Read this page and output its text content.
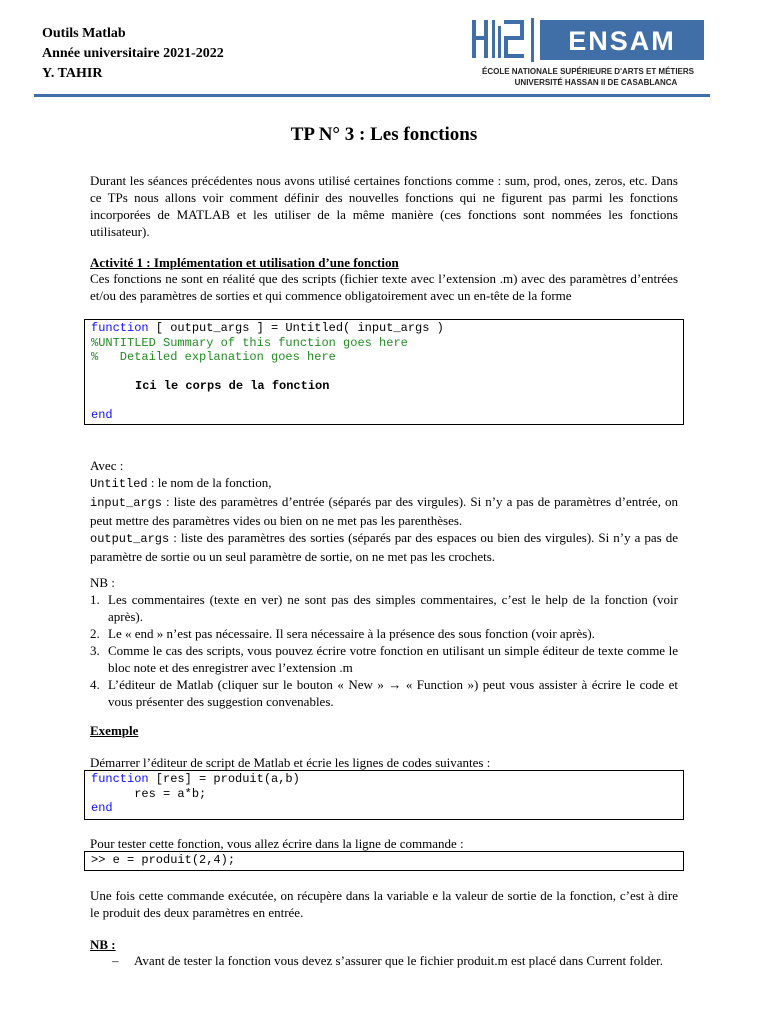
Outils Matlab
Année universitaire 2021-2022
Y. TAHIR
ENSAM
ÉCOLE NATIONALE SUPÉRIEURE D'ARTS ET MÉTIERS
UNIVERSITÉ HASSAN II DE CASABLANCA
TP N° 3 : Les fonctions
Durant les séances précédentes nous avons utilisé certaines fonctions comme : sum, prod, ones, zeros, etc. Dans ce TPs nous allons voir comment définir des nouvelles fonctions qui ne figurent pas parmi les fonctions incorporées de MATLAB et les utiliser de la même manière (ces fonctions sont nommées les fonctions utilisateur).
Activité 1 : Implémentation et utilisation d’une fonction
Ces fonctions ne sont en réalité que des scripts (fichier texte avec l’extension .m) avec des paramètres d’entrées et/ou des paramètres de sorties et qui commence obligatoirement avec un en-tête de la forme
function [ output_args ] = Untitled( input_args )
%UNTITLED Summary of this function goes here
%   Detailed explanation goes here

Ici le corps de la fonction

end
Avec :
Untitled : le nom de la fonction,
input_args : liste des paramètres d’entrée (séparés par des virgules). Si n’y a pas de paramètres d’entrée, on peut mettre des paramètres vides ou bien on ne met pas les parenthèses.
output_args : liste des paramètres des sorties (séparés par des espaces ou bien des virgules). Si n’y a pas de paramètre de sortie ou un seul paramètre de sortie, on ne met pas les crochets.
NB :
1. Les commentaires (texte en ver) ne sont pas des simples commentaires, c’est le help de la fonction (voir après).
2. Le « end » n’est pas nécessaire. Il sera nécessaire à la présence des sous fonction (voir après).
3. Comme le cas des scripts, vous pouvez écrire votre fonction en utilisant un simple éditeur de texte comme le bloc note et des enregistrer avec l’extension .m
4. L’éditeur de Matlab (cliquer sur le bouton « New » → « Function ») peut vous assister à écrire le code et vous présenter des suggestion convenables.
Exemple
Démarrer l’éditeur de script de Matlab et écrie les lignes de codes suivantes :
function [res] = produit(a,b)
res = a*b;
end
Pour tester cette fonction, vous allez écrire dans la ligne de commande :
>> e = produit(2,4);
Une fois cette commande exécutée, on récupère dans la variable e la valeur de sortie de la fonction, c’est à dire le produit des deux paramètres en entrée.
NB :
– Avant de tester la fonction vous devez s’assurer que le fichier produit.m est placé dans Current folder.
